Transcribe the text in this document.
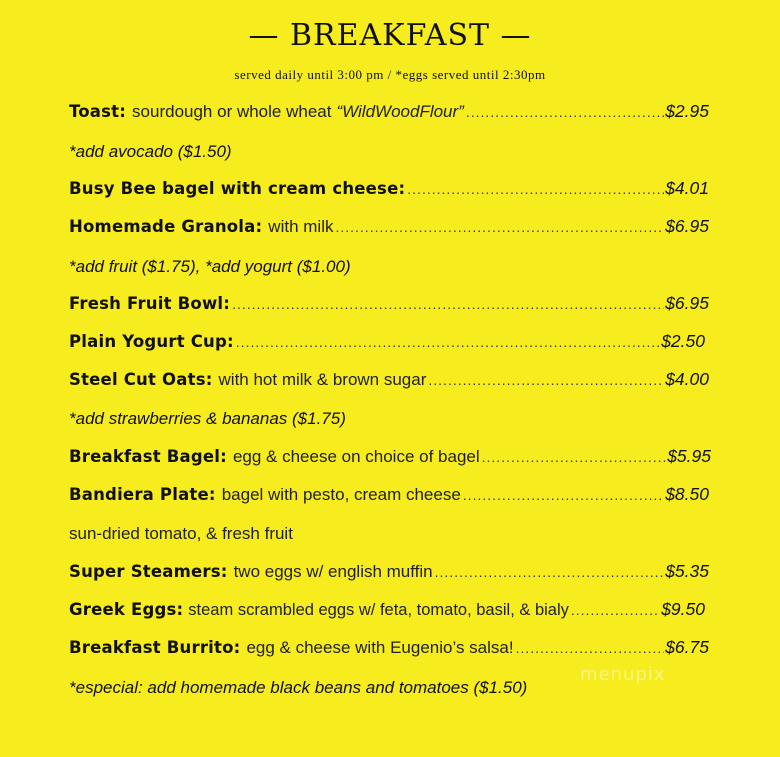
— BREAKFAST —
served daily until 3:00 pm / *eggs served until 2:30pm
Toast: sourdough or whole wheat “WildWoodFlour” .....	$2.95
*add avocado ($1.50)
Busy Bee bagel with cream cheese: .....	$4.01
Homemade Granola: with milk .....	$6.95
*add fruit ($1.75), *add yogurt ($1.00)
Fresh Fruit Bowl: .....	$6.95
Plain Yogurt Cup: .....	$2.50
Steel Cut Oats: with hot milk & brown sugar .....	$4.00
*add strawberries & bananas ($1.75)
Breakfast Bagel: egg & cheese on choice of bagel .....	$5.95
Bandiera Plate: bagel with pesto, cream cheese .....	$8.50
sun-dried tomato, & fresh fruit
Super Steamers: two eggs w/ english muffin .....	$5.35
Greek Eggs: steam scrambled eggs w/ feta, tomato, basil, & bialy .....	$9.50
Breakfast Burrito: egg & cheese with Eugenio’s salsa! .....	$6.75
*especial: add homemade black beans and tomatoes ($1.50)
menupix
